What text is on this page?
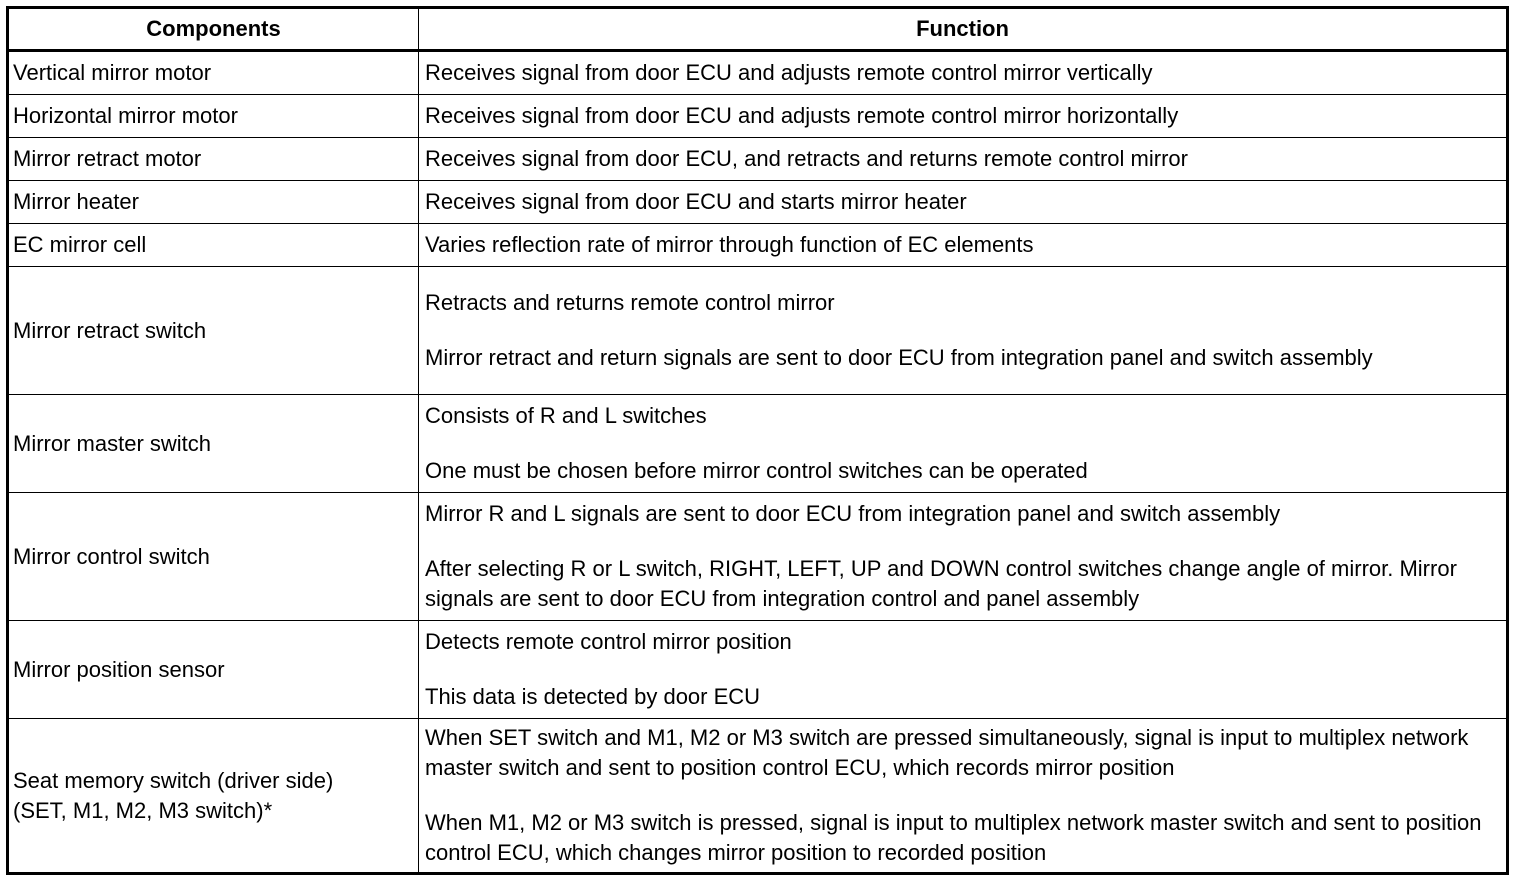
Components	Function
Vertical mirror motor	Receives signal from door ECU and adjusts remote control mirror vertically
Horizontal mirror motor	Receives signal from door ECU and adjusts remote control mirror horizontally
Mirror retract motor	Receives signal from door ECU, and retracts and returns remote control mirror
Mirror heater	Receives signal from door ECU and starts mirror heater
EC mirror cell	Varies reflection rate of mirror through function of EC elements
Mirror retract switch	Retracts and returns remote control mirror
Mirror retract and return signals are sent to door ECU from integration panel and switch assembly

Mirror master switch	Consists of R and L switches
One must be chosen before mirror control switches can be operated

Mirror control switch	Mirror R and L signals are sent to door ECU from integration panel and switch assembly
After selecting R or L switch, RIGHT, LEFT, UP and DOWN control switches change angle of mirror. Mirror signals are sent to door ECU from integration control and panel assembly

Mirror position sensor	Detects remote control mirror position
This data is detected by door ECU

Seat memory switch (driver side)
(SET, M1, M2, M3 switch)*	When SET switch and M1, M2 or M3 switch are pressed simultaneously, signal is input to multiplex network master switch and sent to position control ECU, which records mirror position
When M1, M2 or M3 switch is pressed, signal is input to multiplex network master switch and sent to position control ECU, which changes mirror position to recorded position
